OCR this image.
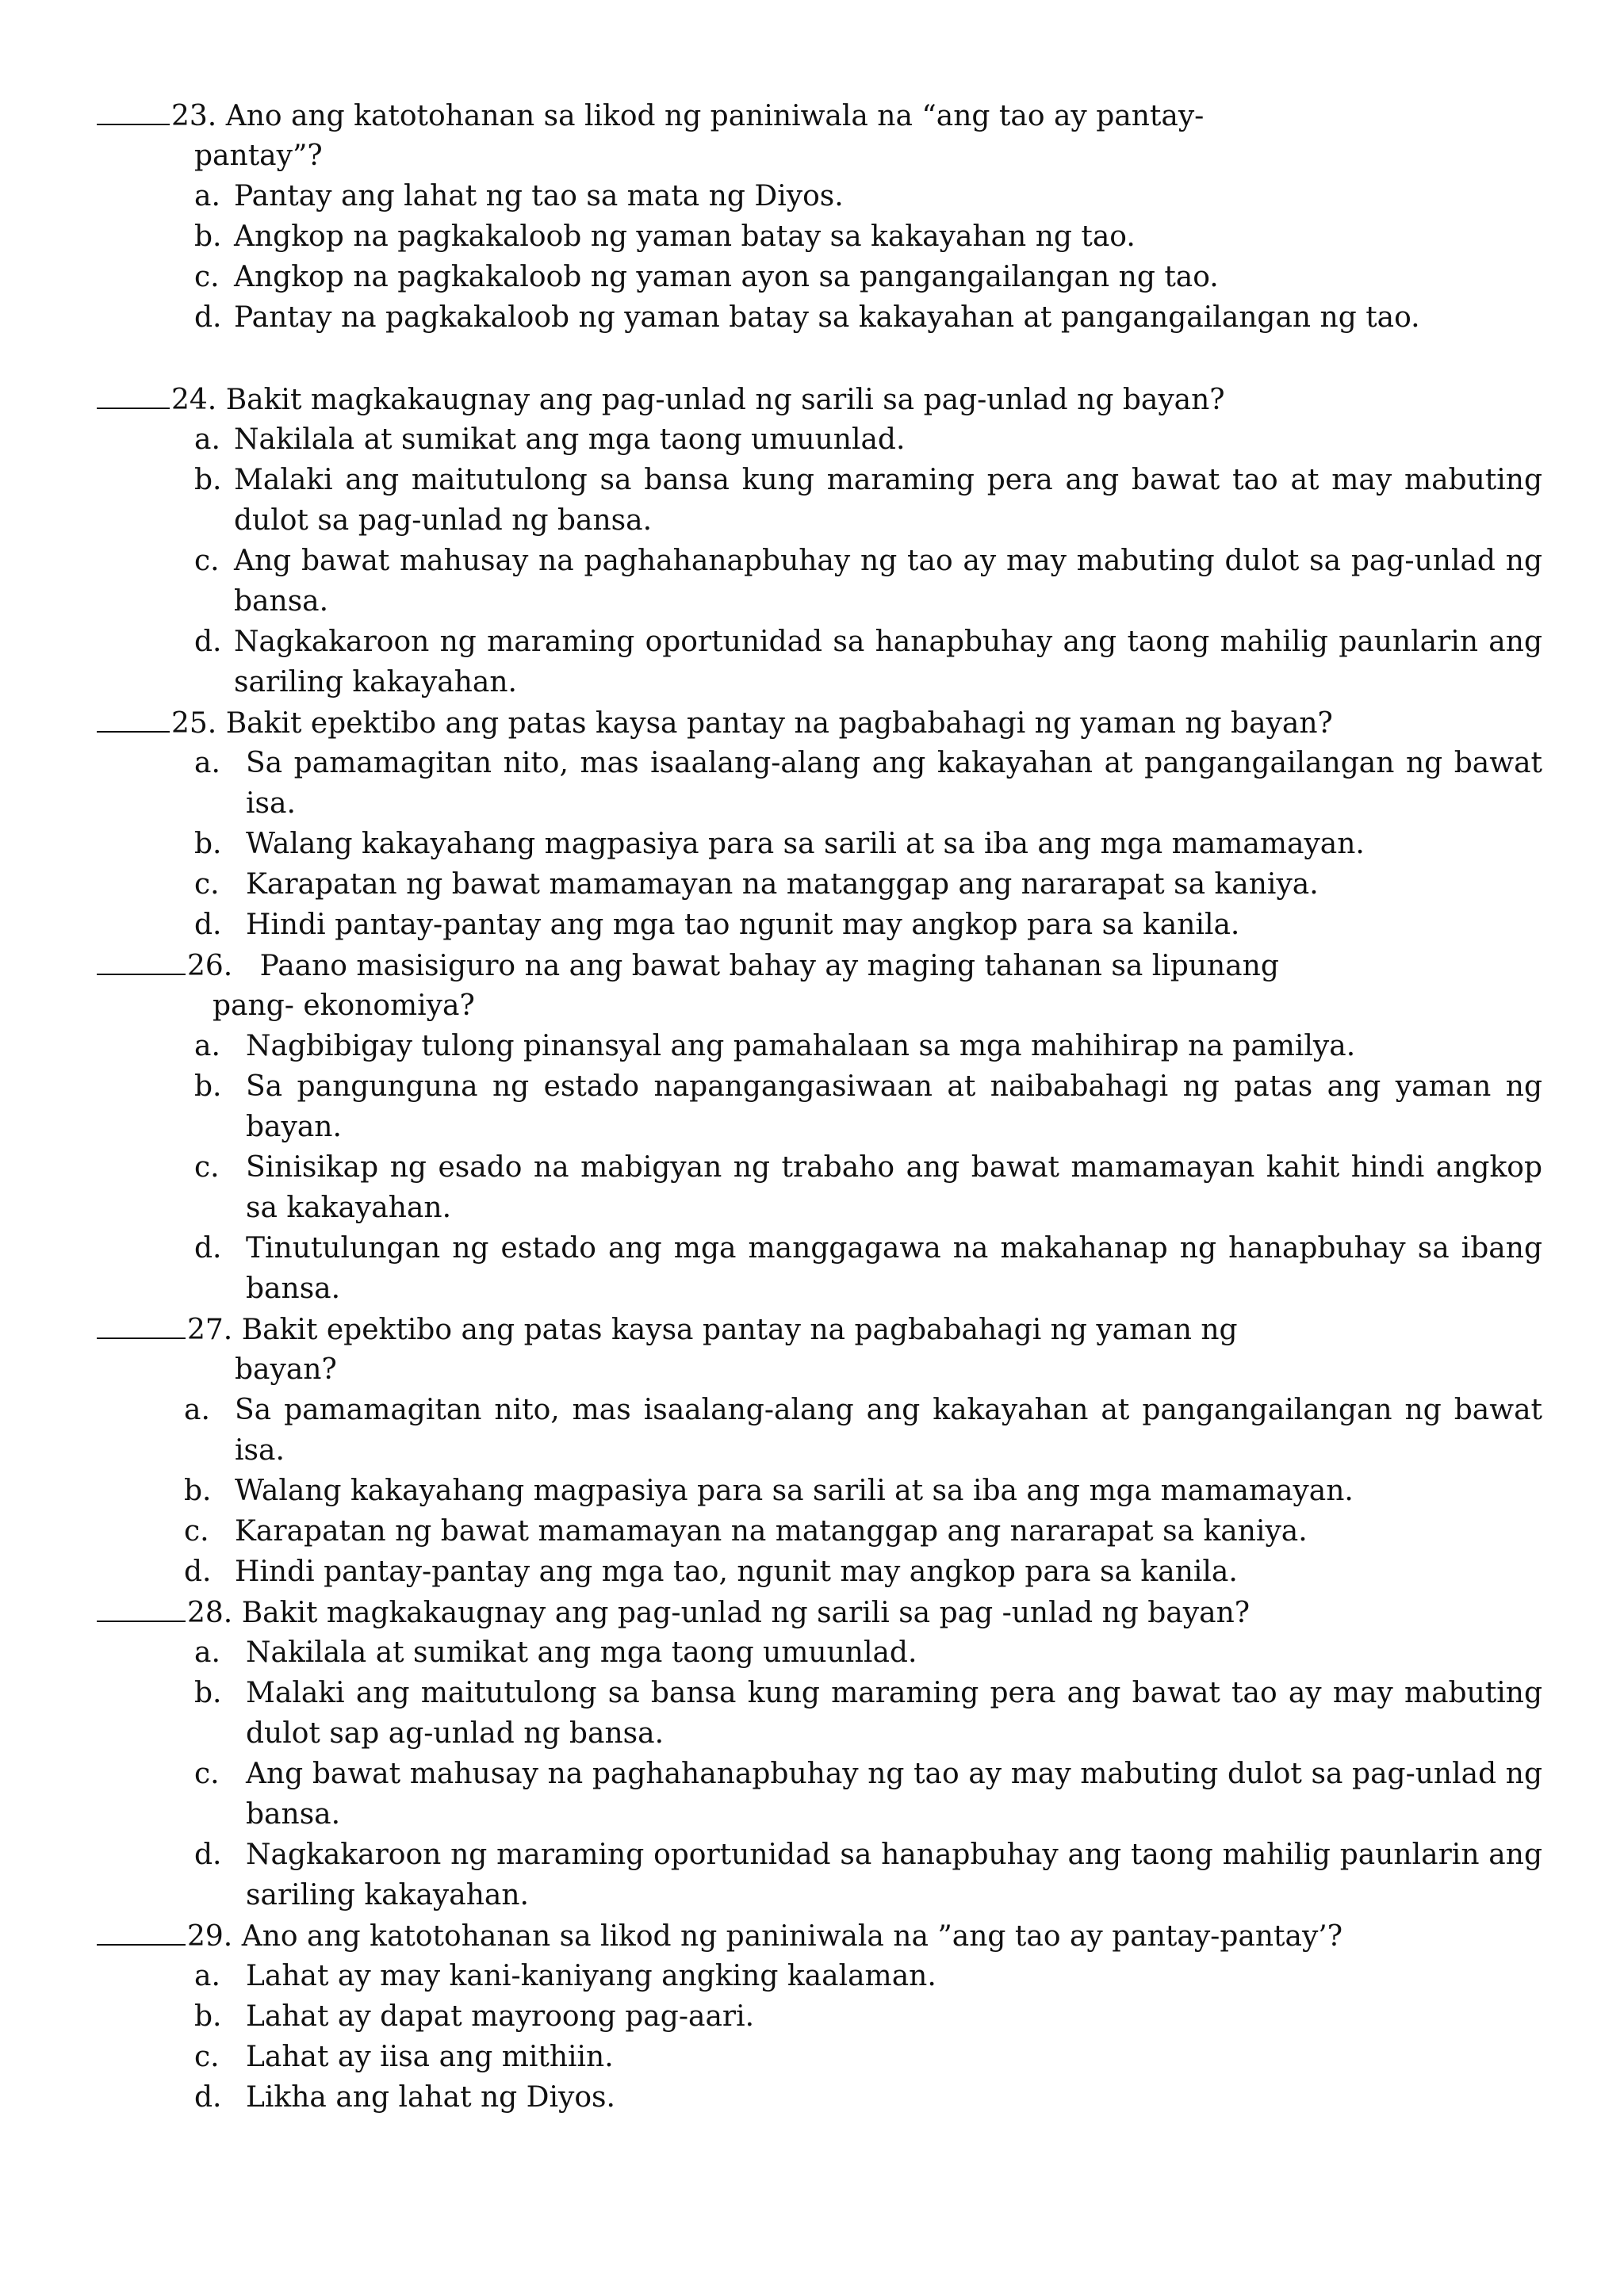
23. Ano ang katotohanan sa likod ng paniniwala na “ang tao ay pantay-
pantay”?
a. Pantay ang lahat ng tao sa mata ng Diyos.
b. Angkop na pagkakaloob ng yaman batay sa kakayahan ng tao.
c. Angkop na pagkakaloob ng yaman ayon sa pangangailangan ng tao.
d. Pantay na pagkakaloob ng yaman batay sa kakayahan at pangangailangan ng tao.
24. Bakit magkakaugnay ang pag-unlad ng sarili sa pag-unlad ng bayan?
a. Nakilala at sumikat ang mga taong umuunlad.
b. Malaki ang maitutulong sa bansa kung maraming pera ang bawat tao at may mabuting dulot sa pag-unlad ng bansa.
c. Ang bawat mahusay na paghahanapbuhay ng tao ay may mabuting dulot sa pag-unlad ng bansa.
d. Nagkakaroon ng maraming oportunidad sa hanapbuhay ang taong mahilig paunlarin ang sariling kakayahan.
25. Bakit epektibo ang patas kaysa pantay na pagbabahagi ng yaman ng bayan?
a. Sa pamamagitan nito, mas isaalang-alang ang kakayahan at pangangailangan ng bawat isa.
b. Walang kakayahang magpasiya para sa sarili at sa iba ang mga mamamayan.
c. Karapatan ng bawat mamamayan na matanggap ang nararapat sa kaniya.
d. Hindi pantay-pantay ang mga tao ngunit may angkop para sa kanila.
26.   Paano masisiguro na ang bawat bahay ay maging tahanan sa lipunang
pang- ekonomiya?
a. Nagbibigay tulong pinansyal ang pamahalaan sa mga mahihirap na pamilya.
b. Sa pangunguna ng estado napangangasiwaan at naibabahagi ng patas ang yaman ng bayan.
c. Sinisikap ng esado na mabigyan ng trabaho ang bawat mamamayan kahit hindi angkop sa kakayahan.
d. Tinutulungan ng estado ang mga manggagawa na makahanap ng hanapbuhay sa ibang bansa.
27. Bakit epektibo ang patas kaysa pantay na pagbabahagi ng yaman ng
bayan?
a. Sa pamamagitan nito, mas isaalang-alang ang kakayahan at pangangailangan ng bawat isa.
b. Walang kakayahang magpasiya para sa sarili at sa iba ang mga mamamayan.
c. Karapatan ng bawat mamamayan na matanggap ang nararapat sa kaniya.
d. Hindi pantay-pantay ang mga tao, ngunit may angkop para sa kanila.
28. Bakit magkakaugnay ang pag-unlad ng sarili sa pag -unlad ng bayan?
a. Nakilala at sumikat ang mga taong umuunlad.
b. Malaki ang maitutulong sa bansa kung maraming pera ang bawat tao ay may mabuting dulot sap ag-unlad ng bansa.
c. Ang bawat mahusay na paghahanapbuhay ng tao ay may mabuting dulot sa pag-unlad ng bansa.
d. Nagkakaroon ng maraming oportunidad sa hanapbuhay ang taong mahilig paunlarin ang sariling kakayahan.
29. Ano ang katotohanan sa likod ng paniniwala na ”ang tao ay pantay-pantay’?
a. Lahat ay may kani-kaniyang angking kaalaman.
b. Lahat ay dapat mayroong pag-aari.
c. Lahat ay iisa ang mithiin.
d. Likha ang lahat ng Diyos.
